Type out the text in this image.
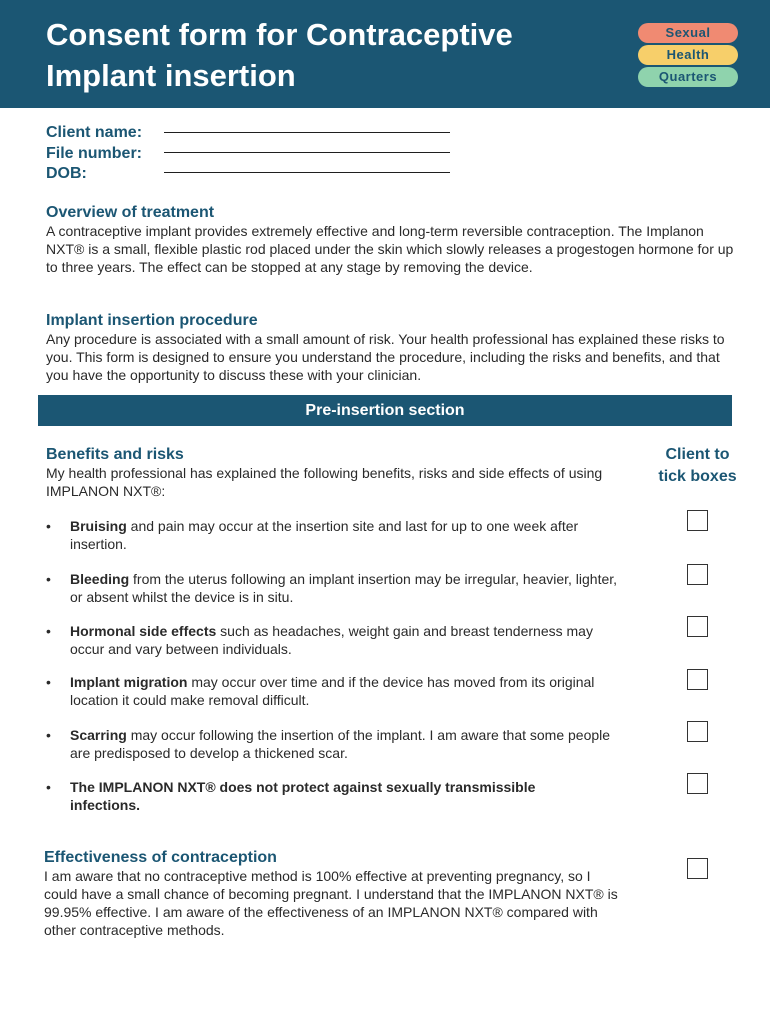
Consent form for Contraceptive Implant insertion
Sexual
Health
Quarters
Client name:
File number:
DOB:
Overview of treatment
A contraceptive implant provides extremely effective and long-term reversible contraception. The Implanon NXT® is a small, flexible plastic rod placed under the skin which slowly releases a progestogen hormone for up to three years. The effect can be stopped at any stage by removing the device.
Implant insertion procedure
Any procedure is associated with a small amount of risk. Your health professional has explained these risks to you. This form is designed to ensure you understand the procedure, including the risks and benefits, and that you have the opportunity to discuss these with your clinician.
Pre-insertion section
Benefits and risks
My health professional has explained the following benefits, risks and side effects of using IMPLANON NXT®:
Client to tick boxes
• Bruising and pain may occur at the insertion site and last for up to one week after insertion.
• Bleeding from the uterus following an implant insertion may be irregular, heavier, lighter, or absent whilst the device is in situ.
• Hormonal side effects such as headaches, weight gain and breast tenderness may occur and vary between individuals.
• Implant migration may occur over time and if the device has moved from its original location it could make removal difficult.
• Scarring may occur following the insertion of the implant. I am aware that some people are predisposed to develop a thickened scar.
• The IMPLANON NXT® does not protect against sexually transmissible infections.
Effectiveness of contraception
I am aware that no contraceptive method is 100% effective at preventing pregnancy, so I could have a small chance of becoming pregnant. I understand that the IMPLANON NXT® is 99.95% effective. I am aware of the effectiveness of an IMPLANON NXT® compared with other contraceptive methods.
